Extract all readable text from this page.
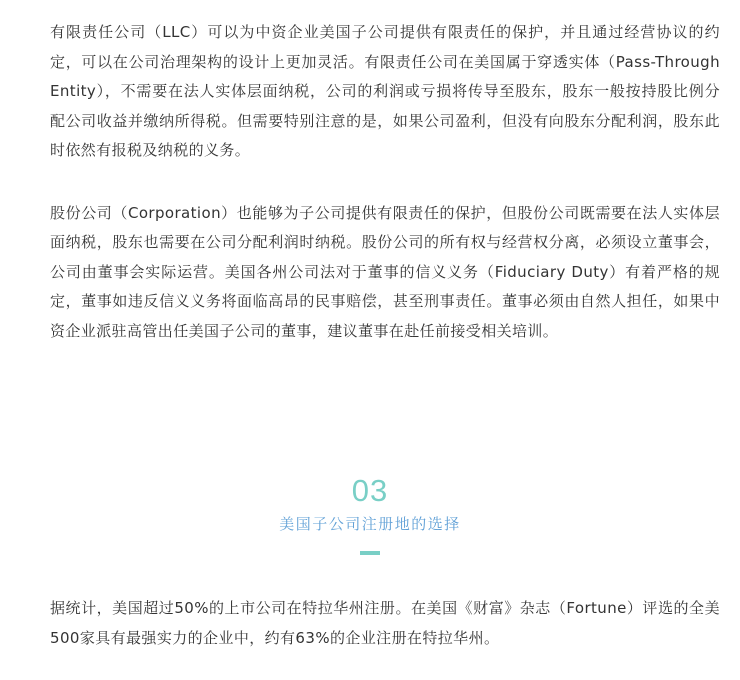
有限责任公司（LLC）可以为中资企业美国子公司提供有限责任的保护，并且通过经营协议的约定，可以在公司治理架构的设计上更加灵活。有限责任公司在美国属于穿透实体（Pass-Through Entity），不需要在法人实体层面纳税，公司的利润或亏损将传导至股东，股东一般按持股比例分配公司收益并缴纳所得税。但需要特别注意的是，如果公司盈利，但没有向股东分配利润，股东此时依然有报税及纳税的义务。

股份公司（Corporation）也能够为子公司提供有限责任的保护，但股份公司既需要在法人实体层面纳税，股东也需要在公司分配利润时纳税。股份公司的所有权与经营权分离，必须设立董事会，公司由董事会实际运营。美国各州公司法对于董事的信义义务（Fiduciary Duty）有着严格的规定，董事如违反信义义务将面临高昂的民事赔偿，甚至刑事责任。董事必须由自然人担任，如果中资企业派驻高管出任美国子公司的董事，建议董事在赴任前接受相关培训。

03
美国子公司注册地的选择

据统计，美国超过50%的上市公司在特拉华州注册。在美国《财富》杂志（Fortune）评选的全美500家具有最强实力的企业中，约有63%的企业注册在特拉华州。
